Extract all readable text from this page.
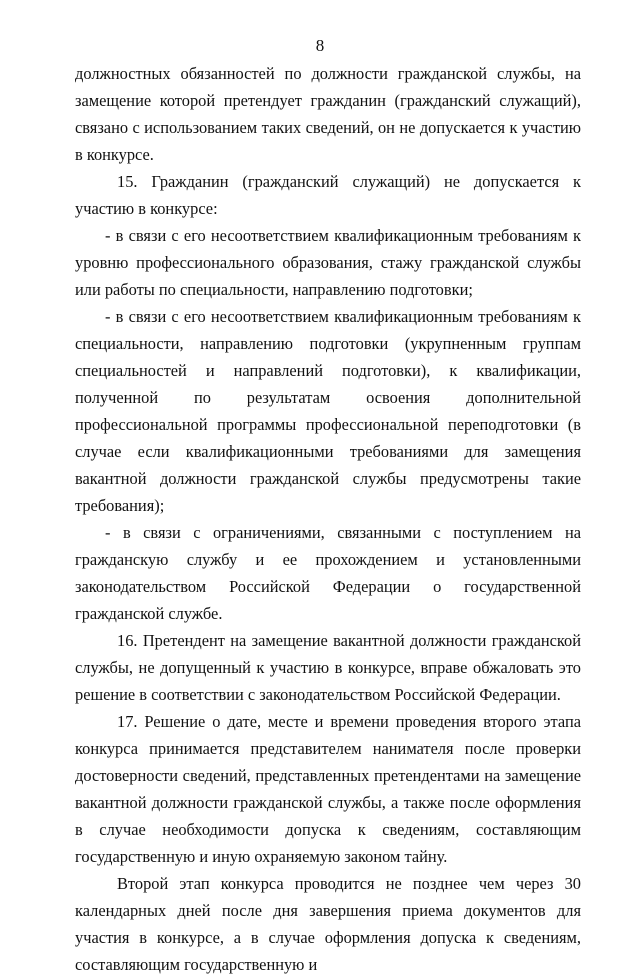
8

должностных обязанностей по должности гражданской службы, на замещение которой претендует гражданин (гражданский служащий), связано с использованием таких сведений, он не допускается к участию в конкурсе.

15. Гражданин (гражданский служащий) не допускается к участию в конкурсе:

- в связи с его несоответствием квалификационным требованиям к уровню профессионального образования, стажу гражданской службы или работы по специальности, направлению подготовки;

- в связи с его несоответствием квалификационным требованиям к специальности, направлению подготовки (укрупненным группам специальностей и направлений подготовки), к квалификации, полученной по результатам освоения дополнительной профессиональной программы профессиональной переподготовки (в случае если квалификационными требованиями для замещения вакантной должности гражданской службы предусмотрены такие требования);

- в связи с ограничениями, связанными с поступлением на гражданскую службу и ее прохождением и установленными законодательством Российской Федерации о государственной гражданской службе.

16. Претендент на замещение вакантной должности гражданской службы, не допущенный к участию в конкурсе, вправе обжаловать это решение в соответствии с законодательством Российской Федерации.

17. Решение о дате, месте и времени проведения второго этапа конкурса принимается представителем нанимателя после проверки достоверности сведений, представленных претендентами на замещение вакантной должности гражданской службы, а также после оформления в случае необходимости допуска к сведениям, составляющим государственную и иную охраняемую законом тайну.

Второй этап конкурса проводится не позднее чем через 30 календарных дней после дня завершения приема документов для участия в конкурсе, а в случае оформления допуска к сведениям, составляющим государственную и
